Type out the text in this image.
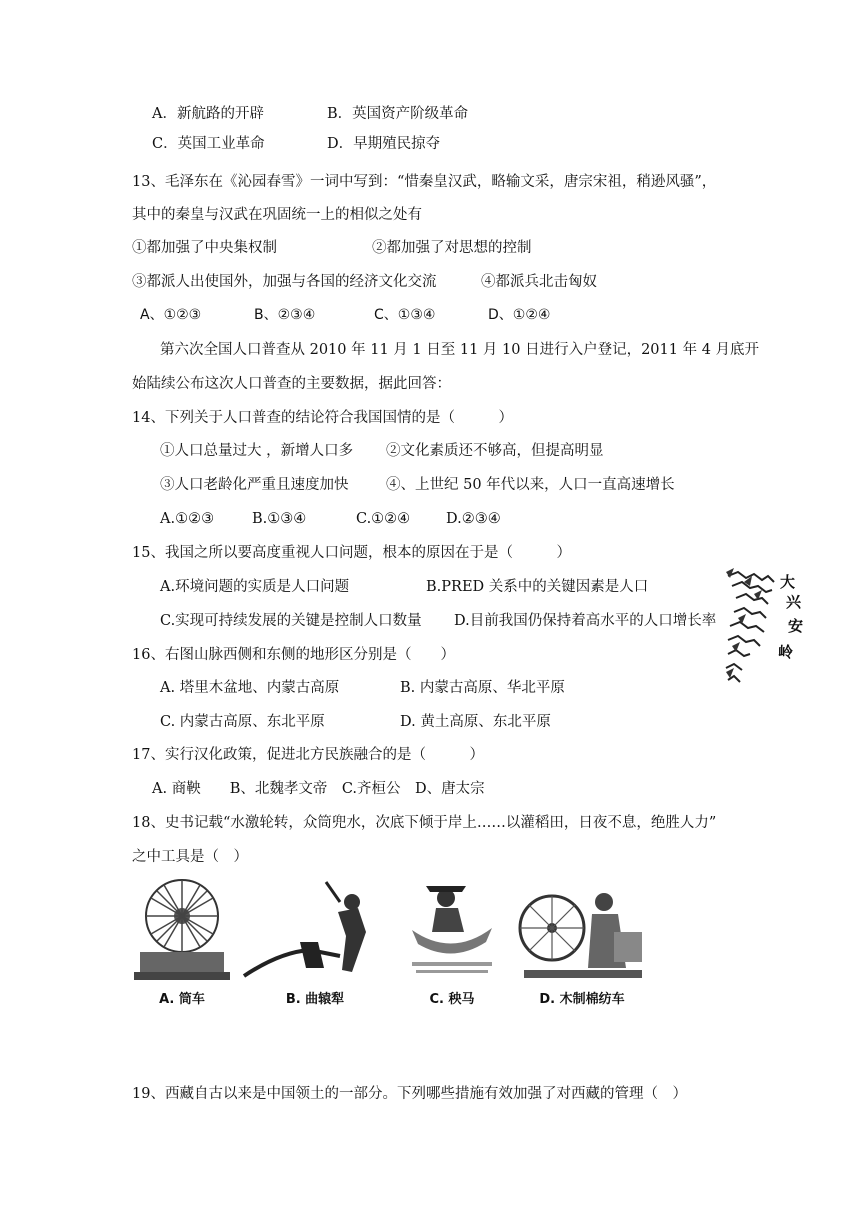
A．新航路的开辟	B．英国资产阶级革命
C．英国工业革命	D．早期殖民掠夺
13、毛泽东在《沁园春雪》一词中写到：“惜秦皇汉武，略输文采，唐宗宋祖，稍逊风骚”，
其中的秦皇与汉武在巩固统一上的相似之处有
①都加强了中央集权制	②都加强了对思想的控制
③都派人出使国外，加强与各国的经济文化交流	④都派兵北击匈奴
A、①②③	B、②③④	C、①③④	D、①②④
第六次全国人口普查从 2010 年 11 月 1 日至 11 月 10 日进行入户登记，2011 年 4 月底开
始陆续公布这次人口普查的主要数据，据此回答：
14、下列关于人口普查的结论符合我国国情的是（　　　）
①人口总量过大 ，新增人口多 ②文化素质还不够高，但提高明显
③人口老龄化严重且速度加快	④、上世纪 50 年代以来，人口一直高速增长
A.①②③	B.①③④	C.①②④ D.②③④
15、我国之所以要高度重视人口问题，根本的原因在于是（　　　）
A.环境问题的实质是人口问题	B.PRED 关系中的关键因素是人口
C.实现可持续发展的关键是控制人口数量 D.目前我国仍保持着高水平的人口增长率
大
兴
安
岭
16、右图山脉西侧和东侧的地形区分别是（　　）
A. 塔里木盆地、内蒙古高原	B. 内蒙古高原、华北平原
C. 内蒙古高原、东北平原	D. 黄土高原、东北平原
17、实行汉化政策，促进北方民族融合的是（　　　）
A. 商鞅　　B、北魏孝文帝　C.齐桓公　D、唐太宗
18、史书记载“水激轮转，众筒兜水，次底下倾于岸上……以灌稻田，日夜不息，绝胜人力”
之中工具是（　）
A. 筒车	B. 曲辕犁	C. 秧马	D. 木制棉纺车
19、西藏自古以来是中国领土的一部分。下列哪些措施有效加强了对西藏的管理（　）
